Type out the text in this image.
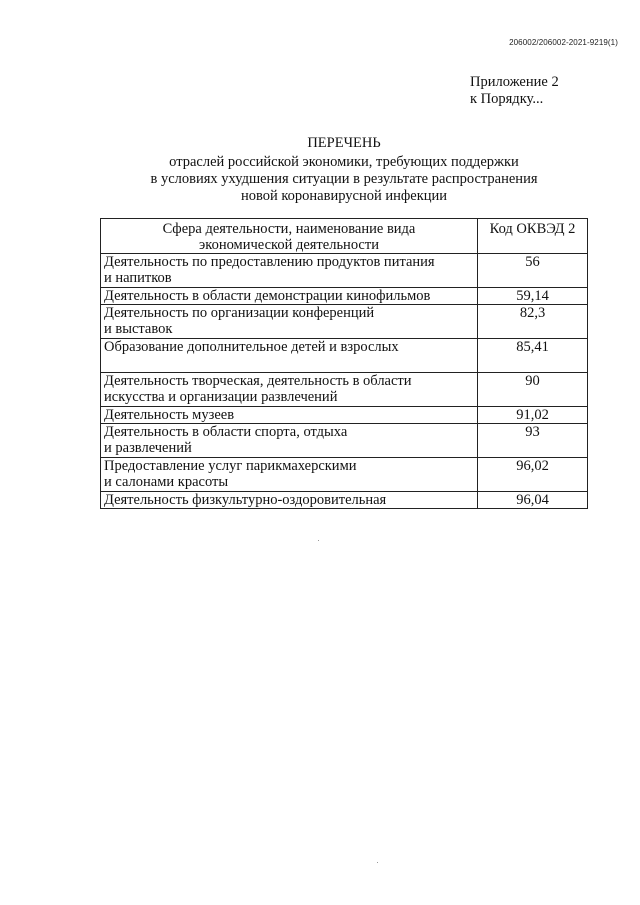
206002/206002-2021-9219(1)
Приложение 2
к Порядку...
ПЕРЕЧЕНЬ
отраслей российской экономики, требующих поддержки
в условиях ухудшения ситуации в результате распространения
новой коронавирусной инфекции
Сфера деятельности, наименование вида
экономической деятельности	Код ОКВЭД 2

Деятельность по предоставлению продуктов питания
и напитков	56

Деятельность в области демонстрации кинофильмов	59,14

Деятельность по организации конференций
и выставок	82,3

Образование дополнительное детей и взрослых	85,41

Деятельность творческая, деятельность в области
искусства и организации развлечений	90

Деятельность музеев	91,02

Деятельность в области спорта, отдыха
и развлечений	93

Предоставление услуг парикмахерскими
и салонами красоты	96,02

Деятельность физкультурно-оздоровительная	96,04
